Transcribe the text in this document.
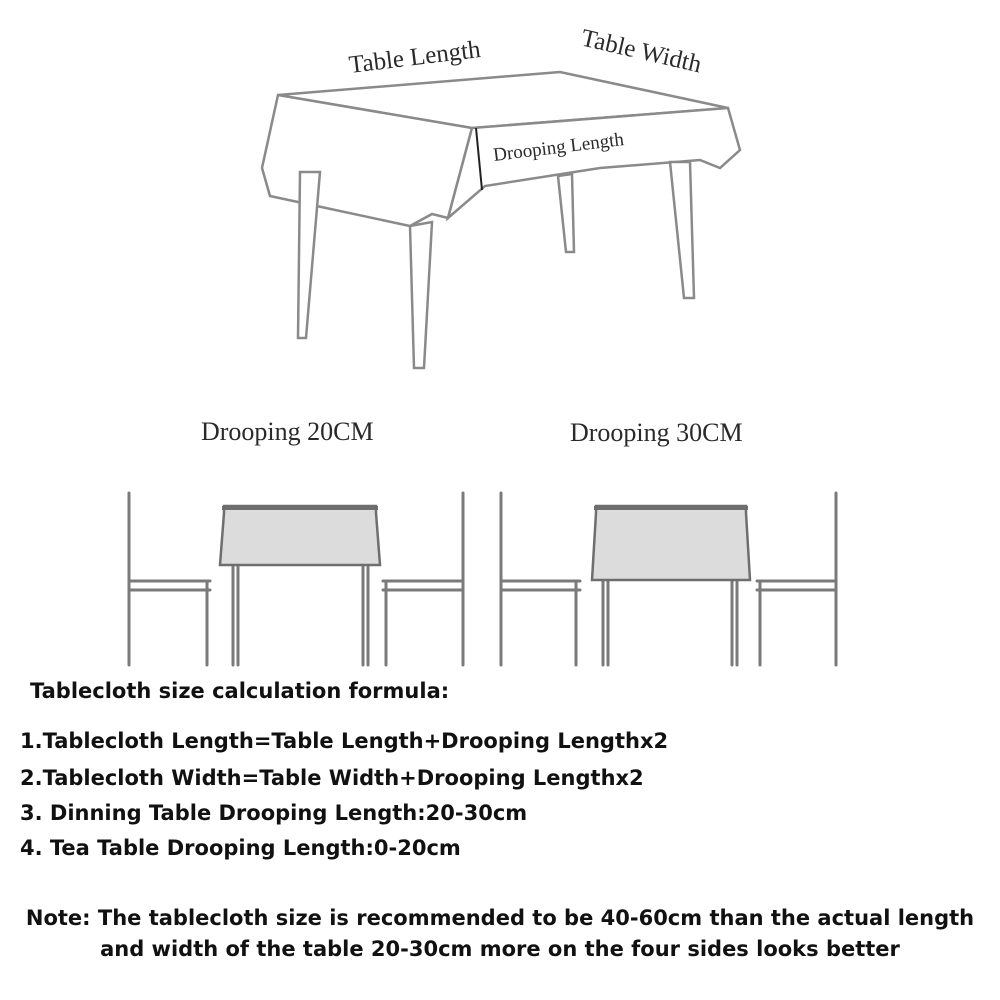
Table Length	Table Width
Drooping Length
Drooping 20CM	Drooping 30CM
Tablecloth size calculation formula:
1.Tablecloth Length=Table Length+Drooping Lengthx2
2.Tablecloth Width=Table Width+Drooping Lengthx2
3. Dinning Table Drooping Length:20-30cm
4. Tea Table Drooping Length:0-20cm
Note: The tablecloth size is recommended to be 40-60cm than the actual length
and width of the table 20-30cm more on the four sides looks better
